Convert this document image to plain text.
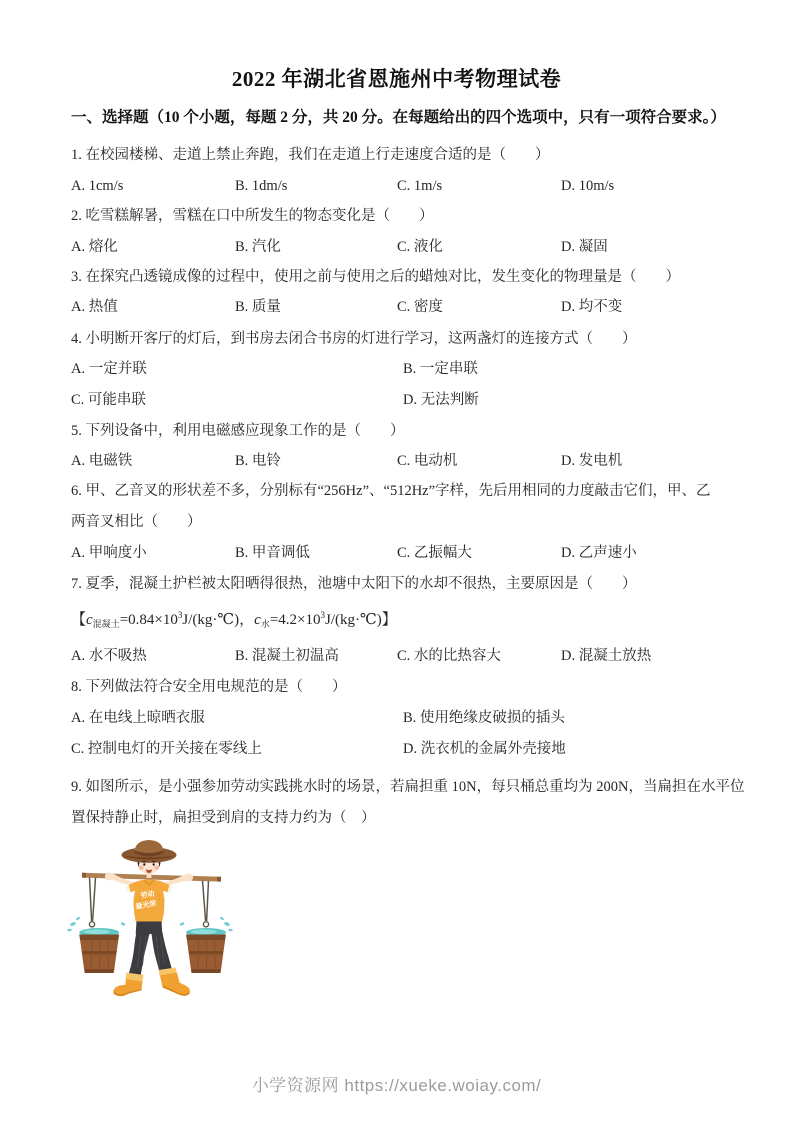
2022 年湖北省恩施州中考物理试卷
一、选择题（10 个小题，每题 2 分，共 20 分。在每题给出的四个选项中，只有一项符合要求。）
1. 在校园楼梯、走道上禁止奔跑，我们在走道上行走速度合适的是（　　）
A. 1cm/s	B. 1dm/s	C. 1m/s	D. 10m/s
2. 吃雪糕解暑，雪糕在口中所发生的物态变化是（　　）
A. 熔化	B. 汽化	C. 液化	D. 凝固
3. 在探究凸透镜成像的过程中，使用之前与使用之后的蜡烛对比，发生变化的物理量是（　　）
A. 热值	B. 质量	C. 密度	D. 均不变
4. 小明断开客厅的灯后，到书房去闭合书房的灯进行学习，这两盏灯的连接方式（　　）
A. 一定并联	B. 一定串联
C. 可能串联	D. 无法判断
5. 下列设备中，利用电磁感应现象工作的是（　　）
A. 电磁铁	B. 电铃	C. 电动机	D. 发电机
6. 甲、乙音叉的形状差不多，分别标有“256Hz”、“512Hz”字样，先后用相同的力度敲击它们，甲、乙
两音叉相比（　　）
A. 甲响度小	B. 甲音调低	C. 乙振幅大	D. 乙声速小
7. 夏季，混凝土护栏被太阳晒得很热，池塘中太阳下的水却不很热，主要原因是（　　）
【$c_{混凝土}=0.84\times 10^3J/(kg\cdot℃)$，$c_水=4.2\times 10^3J/(kg\cdot℃)$】
A. 水不吸热	B. 混凝土初温高	C. 水的比热容大	D. 混凝土放热
8. 下列做法符合安全用电规范的是（　　）
A. 在电线上晾晒衣服	B. 使用绝缘皮破损的插头
C. 控制电灯的开关接在零线上	D. 洗衣机的金属外壳接地
9. 如图所示，是小强参加劳动实践挑水时的场景，若扁担重 10N，每只桶总重均为 200N，当扁担在水平位
置保持静止时，扁担受到肩的支持力约为（　）
劳动
最光荣
小学资源网 https://xueke.woiay.com/
